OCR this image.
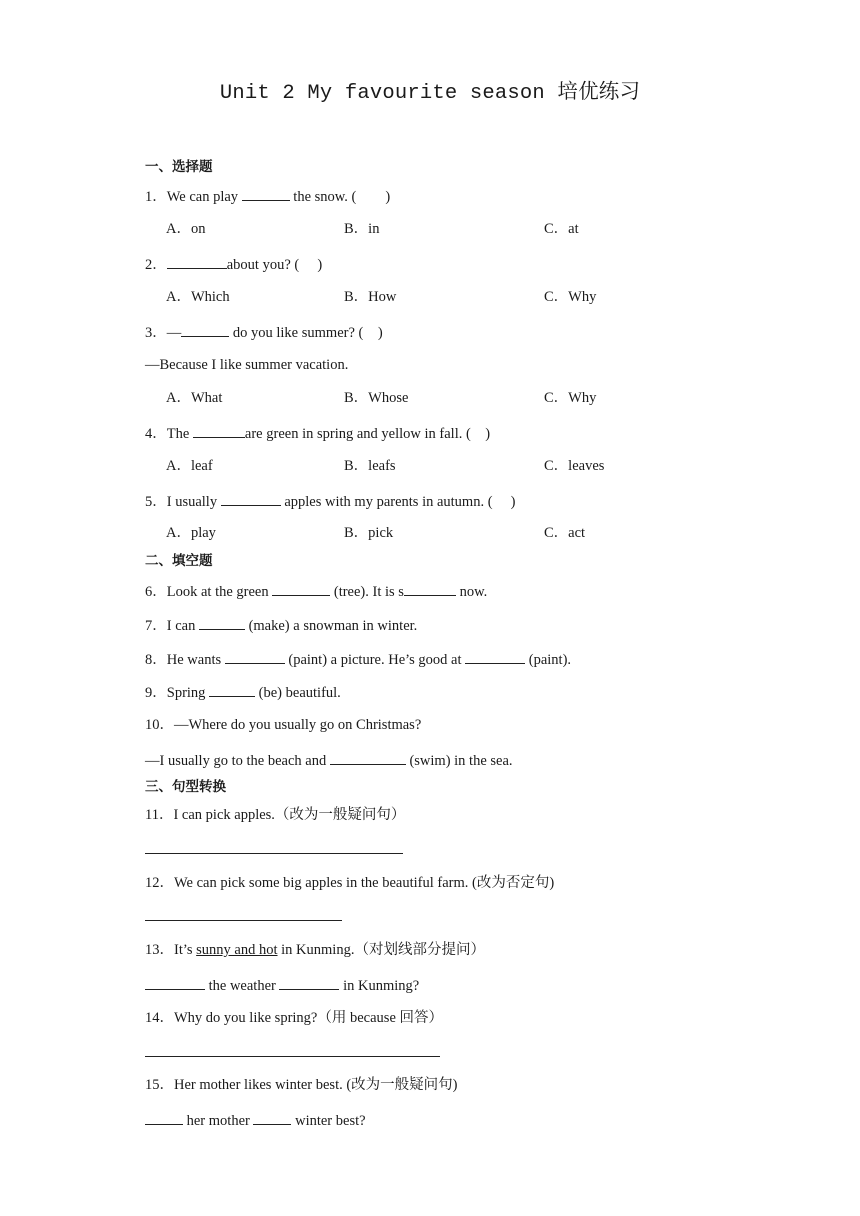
Unit 2 My favourite season 培优练习
一、选择题
1．We can play	the snow. (　　)
A．on	B．in	C．at
2．	about you? (　 )
A．Which	B．How	C．Why
3．—	do you like summer? (　)
—Because I like summer vacation.
A．What	B．Whose	C．Why
4．The	are green in spring and yellow in fall. (　)
A．leaf	B．leafs	C．leaves
5．I usually	apples with my parents in autumn. (　 )
A．play	B．pick	C．act
二、填空题
6．Look at the green	(tree). It is s	now.
7．I can	(make) a snowman in winter.
8．He wants	(paint) a picture. He’s good at	(paint).
9．Spring	(be) beautiful.
10．—Where do you usually go on Christmas?
—I usually go to the beach and	(swim) in the sea.
三、句型转换
11．I can pick apples.（改为一般疑问句）
12．We can pick some big apples in the beautiful farm. (改为否定句)
13．It’s sunny and hot in Kunming.（对划线部分提问）
the weather	in Kunming?
14．Why do you like spring?（用 because 回答）
15．Her mother likes winter best. (改为一般疑问句)
her mother	winter best?
